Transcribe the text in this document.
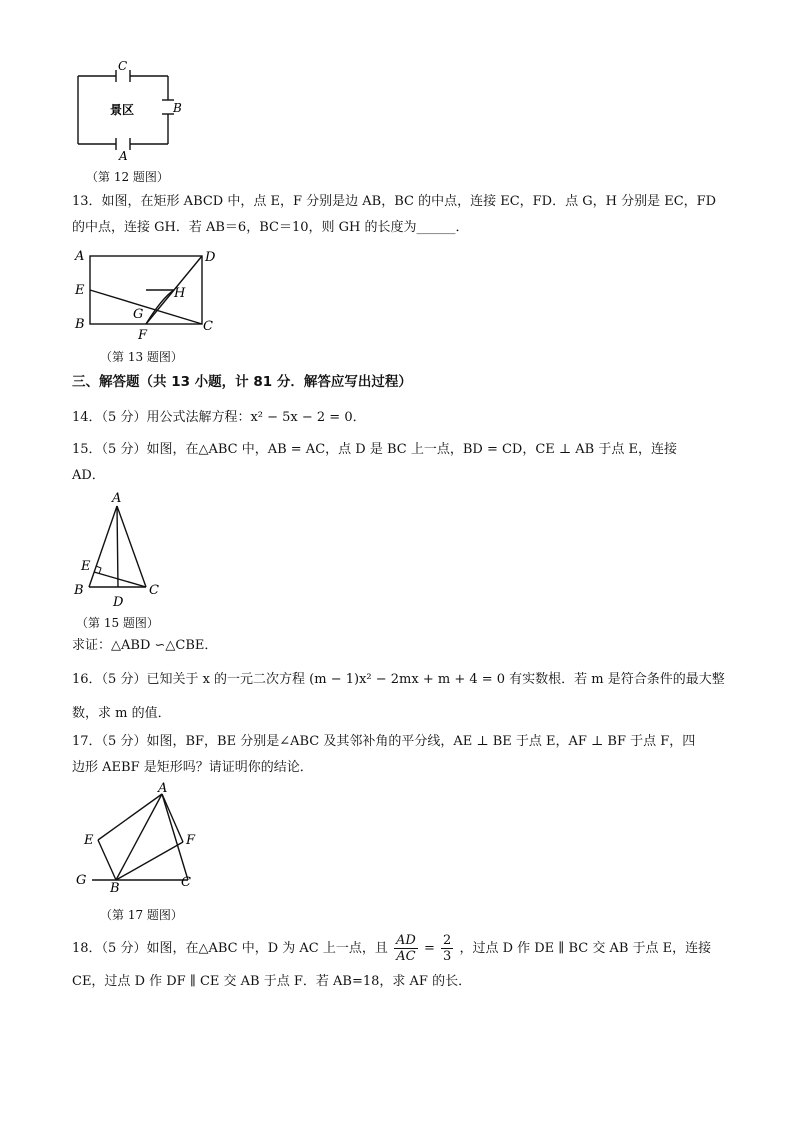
C
B
A
景区
（第 12 题图）
13．如图，在矩形 ABCD 中，点 E，F 分别是边 AB，BC 的中点，连接 EC，FD．点 G，H 分别是 EC，FD
的中点，连接 GH．若 AB＝6，BC＝10，则 GH 的长度为______．
A	D
E	H
B
G
C
F
（第 13 题图）
三、解答题（共 13 小题，计 81 分．解答应写出过程）
14．（5 分）用公式法解方程：x² − 5x − 2 = 0．
15．（5 分）如图，在△ABC 中，AB = AC，点 D 是 BC 上一点，BD = CD，CE ⊥ AB 于点 E，连接
AD．
A
E
B	C
D
（第 15 题图）
求证：△ABD ∽△CBE．
16．（5 分）已知关于 x 的一元二次方程 (m − 1)x² − 2mx + m + 4 = 0 有实数根．若 m 是符合条件的最大整
数，求 m 的值．
17．（5 分）如图，BF，BE 分别是∠ABC 及其邻补角的平分线，AE ⊥ BE 于点 E，AF ⊥ BF 于点 F，四
边形 AEBF 是矩形吗？请证明你的结论．
A
E	F
G
B	C
（第 17 题图）
18．（5 分）如图，在△ABC 中，D 为 AC 上一点，且 $\frac{AD}{AC} = \frac{2}{3}$ ，过点 D 作 DE ∥ BC 交 AB 于点 E，连接
CE，过点 D 作 DF ∥ CE 交 AB 于点 F．若 AB=18，求 AF 的长．
